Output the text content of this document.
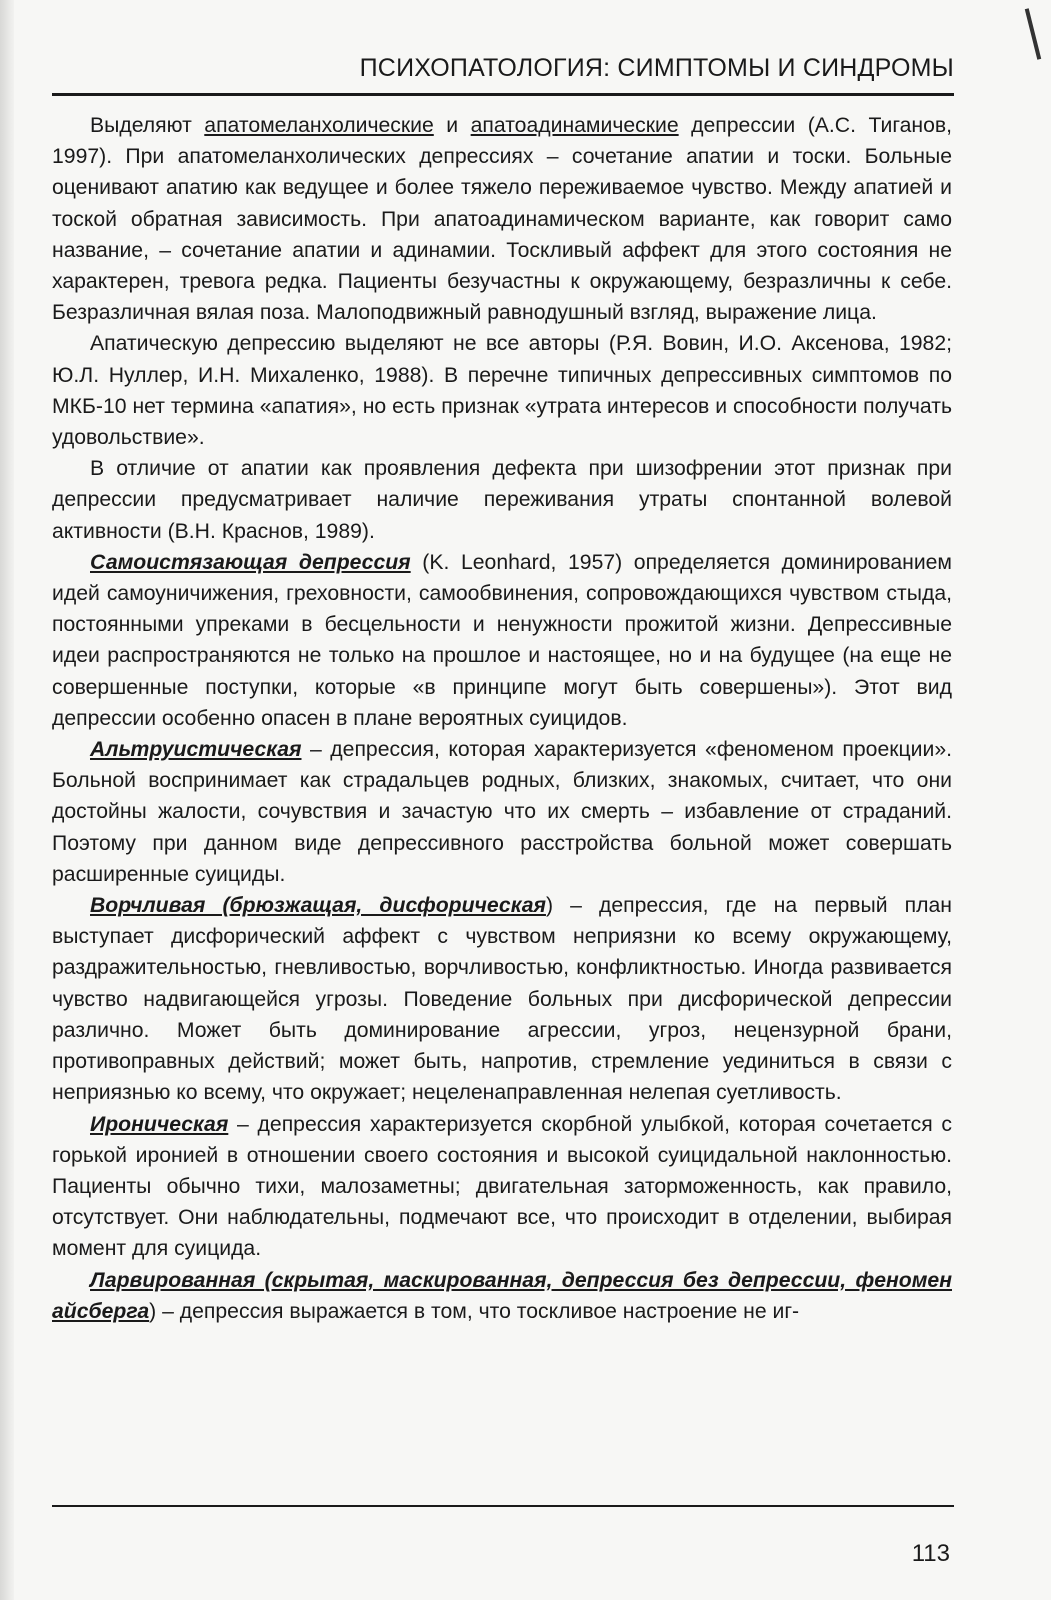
ПСИХОПАТОЛОГИЯ: СИМПТОМЫ И СИНДРОМЫ

Выделяют апатомеланхолические и апатоадинамические депрессии (А.С. Тиганов, 1997). При апатомеланхолических депрессиях – сочетание апатии и тоски. Больные оценивают апатию как ведущее и более тяжело переживаемое чувство. Между апатией и тоской обратная зависимость. При апатоадинамическом варианте, как говорит само название, – сочетание апатии и адинамии. Тоскливый аффект для этого состояния не характерен, тревога редка. Пациенты безучастны к окружающему, безразличны к себе. Безразличная вялая поза. Малоподвижный равнодушный взгляд, выражение лица.

Апатическую депрессию выделяют не все авторы (Р.Я. Вовин, И.О. Аксенова, 1982; Ю.Л. Нуллер, И.Н. Михаленко, 1988). В перечне типичных депрессивных симптомов по МКБ-10 нет термина «апатия», но есть признак «утрата интересов и способности получать удовольствие».

В отличие от апатии как проявления дефекта при шизофрении этот признак при депрессии предусматривает наличие переживания утраты спонтанной волевой активности (В.Н. Краснов, 1989).

Самоистязающая депрессия (K. Leonhard, 1957) определяется доминированием идей самоуничижения, греховности, самообвинения, сопровождающихся чувством стыда, постоянными упреками в бесцельности и ненужности прожитой жизни. Депрессивные идеи распространяются не только на прошлое и настоящее, но и на будущее (на еще не совершенные поступки, которые «в принципе могут быть совершены»). Этот вид депрессии особенно опасен в плане вероятных суицидов.

Альтруистическая – депрессия, которая характеризуется «феноменом проекции». Больной воспринимает как страдальцев родных, близких, знакомых, считает, что они достойны жалости, сочувствия и зачастую что их смерть – избавление от страданий. Поэтому при данном виде депрессивного расстройства больной может совершать расширенные суициды.

Ворчливая (брюзжащая, дисфорическая) – депрессия, где на первый план выступает дисфорический аффект с чувством неприязни ко всему окружающему, раздражительностью, гневливостью, ворчливостью, конфликтностью. Иногда развивается чувство надвигающейся угрозы. Поведение больных при дисфорической депрессии различно. Может быть доминирование агрессии, угроз, нецензурной брани, противоправных действий; может быть, напротив, стремление уединиться в связи с неприязнью ко всему, что окружает; нецеленаправленная нелепая суетливость.

Ироническая – депрессия характеризуется скорбной улыбкой, которая сочетается с горькой иронией в отношении своего состояния и высокой суицидальной наклонностью. Пациенты обычно тихи, малозаметны; двигательная заторможенность, как правило, отсутствует. Они наблюдательны, подмечают все, что происходит в отделении, выбирая момент для суицида.

Ларвированная (скрытая, маскированная, депрессия без депрессии, феномен айсберга) – депрессия выражается в том, что тоскливое настроение не иг-

113
